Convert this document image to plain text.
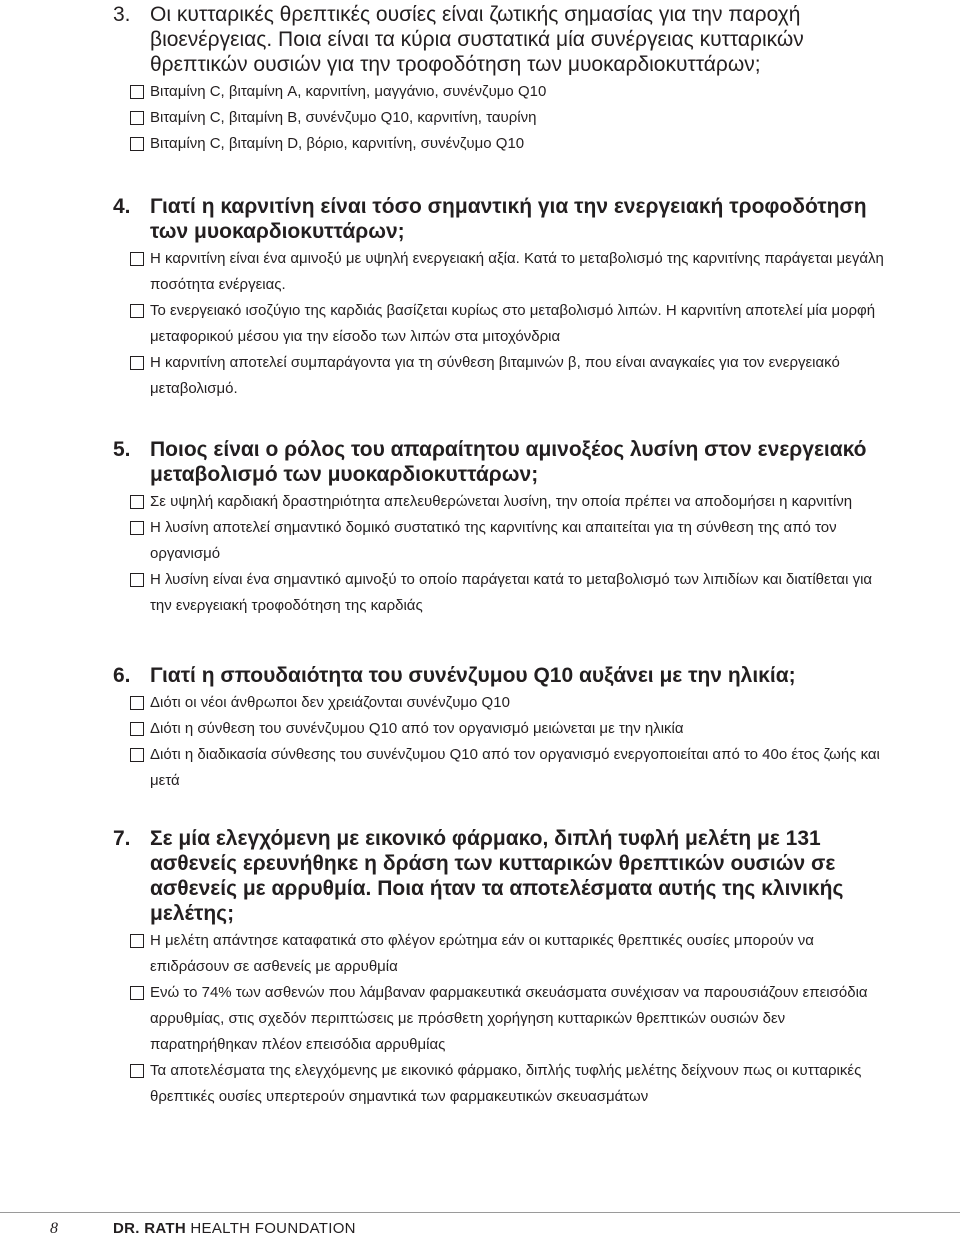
3. Οι κυτταρικές θρεπτικές ουσίες είναι ζωτικής σημασίας για την παροχή βιοενέργειας. Ποια είναι τα κύρια συστατικά μία συνέργειας κυτταρικών θρεπτικών ουσιών για την τροφοδότηση των μυοκαρδιοκυττάρων;
Βιταμίνη C, βιταμίνη A, καρνιτίνη, μαγγάνιο, συνένζυμο Q10
Βιταμίνη C, βιταμίνη B, συνένζυμο Q10, καρνιτίνη, ταυρίνη
Βιταμίνη C, βιταμίνη D, βόριο, καρνιτίνη, συνένζυμο Q10
4. Γιατί η καρνιτίνη είναι τόσο σημαντική για την ενεργειακή τροφοδότηση των μυοκαρδιοκυττάρων;
Η καρνιτίνη είναι ένα αμινοξύ με υψηλή ενεργειακή αξία. Κατά το μεταβολισμό της καρνιτίνης παράγεται μεγάλη ποσότητα ενέργειας.
Το ενεργειακό ισοζύγιο της καρδιάς βασίζεται κυρίως στο μεταβολισμό λιπών. Η καρνιτίνη αποτελεί μία μορφή μεταφορικού μέσου για την είσοδο των λιπών στα μιτοχόνδρια
Η καρνιτίνη αποτελεί συμπαράγοντα για τη σύνθεση βιταμινών β, που είναι αναγκαίες για τον ενεργειακό μεταβολισμό.
5. Ποιος είναι ο ρόλος του απαραίτητου αμινοξέος λυσίνη στον ενεργειακό μεταβολισμό των μυοκαρδιοκυττάρων;
Σε υψηλή καρδιακή δραστηριότητα απελευθερώνεται λυσίνη, την οποία πρέπει να αποδομήσει η καρνιτίνη
Η λυσίνη αποτελεί σημαντικό δομικό συστατικό της καρνιτίνης και απαιτείται για τη σύνθεση της από τον οργανισμό
Η λυσίνη είναι ένα σημαντικό αμινοξύ το οποίο παράγεται κατά το μεταβολισμό των λιπιδίων και διατίθεται για την ενεργειακή τροφοδότηση της καρδιάς
6. Γιατί η σπουδαιότητα του συνένζυμου Q10 αυξάνει με την ηλικία;
Διότι οι νέοι άνθρωποι δεν χρειάζονται συνένζυμο Q10
Διότι η σύνθεση του συνένζυμου Q10 από τον οργανισμό μειώνεται με την ηλικία
Διότι η διαδικασία σύνθεσης του συνένζυμου Q10 από τον οργανισμό ενεργοποιείται από το 40ο έτος ζωής και μετά
7. Σε μία ελεγχόμενη με εικονικό φάρμακο, διπλή τυφλή μελέτη με 131 ασθενείς ερευνήθηκε η δράση των κυτταρικών θρεπτικών ουσιών σε ασθενείς με αρρυθμία. Ποια ήταν τα αποτελέσματα αυτής της κλινικής μελέτης;
Η μελέτη απάντησε καταφατικά στο φλέγον ερώτημα εάν οι κυτταρικές θρεπτικές ουσίες μπορούν να επιδράσουν σε ασθενείς με αρρυθμία
Ενώ το 74% των ασθενών που λάμβαναν φαρμακευτικά σκευάσματα συνέχισαν να παρουσιάζουν επεισόδια αρρυθμίας, στις σχεδόν περιπτώσεις με πρόσθετη χορήγηση κυτταρικών θρεπτικών ουσιών δεν παρατηρήθηκαν πλέον επεισόδια αρρυθμίας
Τα αποτελέσματα της ελεγχόμενης με εικονικό φάρμακο, διπλής τυφλής μελέτης δείχνουν πως οι κυτταρικές θρεπτικές ουσίες υπερτερούν σημαντικά των φαρμακευτικών σκευασμάτων
8	DR. RATH HEALTH FOUNDATION
